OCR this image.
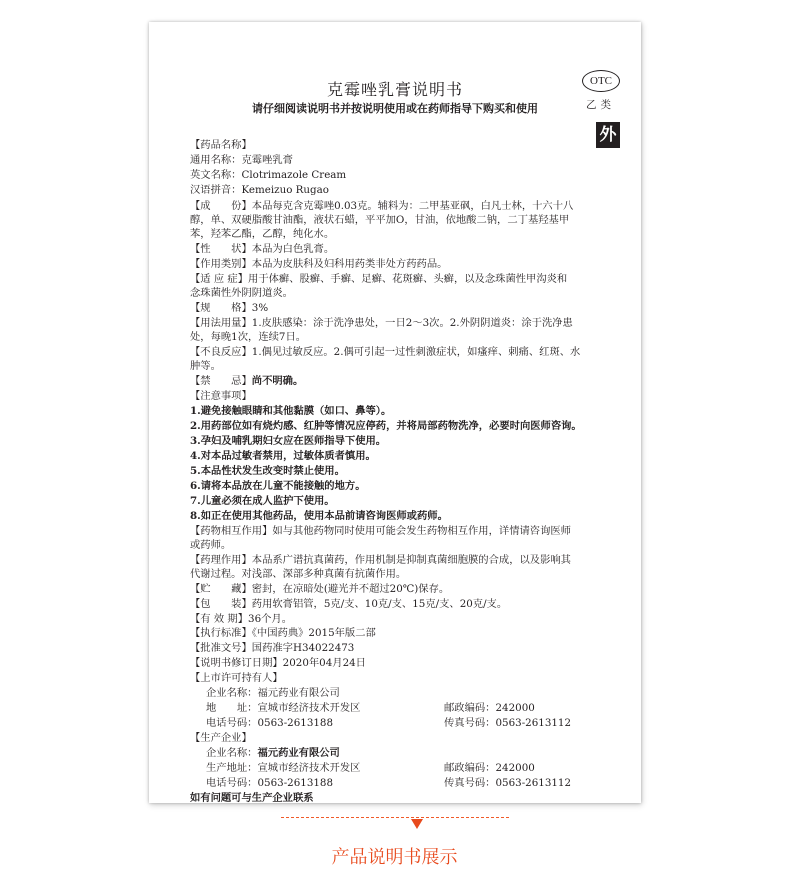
克霉唑乳膏说明书
请仔细阅读说明书并按说明使用或在药师指导下购买和使用
OTC
乙类
外
【药品名称】
通用名称：克霉唑乳膏
英文名称：Clotrimazole Cream
汉语拼音：Kemeizuo Rugao
【成　　份】本品每克含克霉唑0.03克。辅料为：二甲基亚砜，白凡士林，十六十八
醇，单、双硬脂酸甘油酯，液状石蜡，平平加O，甘油，依地酸二钠，二丁基羟基甲
苯，羟苯乙酯，乙醇，纯化水。
【性　　状】本品为白色乳膏。
【作用类别】本品为皮肤科及妇科用药类非处方药药品。
【适 应 症】用于体癣、股癣、手癣、足癣、花斑癣、头癣，以及念珠菌性甲沟炎和
念珠菌性外阴阴道炎。
【规　　格】3%
【用法用量】1.皮肤感染：涂于洗净患处，一日2～3次。2.外阴阴道炎：涂于洗净患
处，每晚1次，连续7日。
【不良反应】1.偶见过敏反应。2.偶可引起一过性刺激症状，如瘙痒、刺痛、红斑、水
肿等。
【禁　　忌】尚不明确。
【注意事项】
1.避免接触眼睛和其他黏膜（如口、鼻等）。
2.用药部位如有烧灼感、红肿等情况应停药，并将局部药物洗净，必要时向医师咨询。
3.孕妇及哺乳期妇女应在医师指导下使用。
4.对本品过敏者禁用，过敏体质者慎用。
5.本品性状发生改变时禁止使用。
6.请将本品放在儿童不能接触的地方。
7.儿童必须在成人监护下使用。
8.如正在使用其他药品，使用本品前请咨询医师或药师。
【药物相互作用】如与其他药物同时使用可能会发生药物相互作用，详情请咨询医师
或药师。
【药理作用】本品系广谱抗真菌药，作用机制是抑制真菌细胞膜的合成，以及影响其
代谢过程。对浅部、深部多种真菌有抗菌作用。
【贮　　藏】密封，在凉暗处(避光并不超过20℃)保存。
【包　　装】药用软膏铝管，5克/支、10克/支、15克/支、20克/支。
【有 效 期】36个月。
【执行标准】《中国药典》2015年版二部
【批准文号】国药准字H34022473
【说明书修订日期】2020年04月24日
【上市许可持有人】
企业名称：福元药业有限公司
地　　址：宣城市经济技术开发区	邮政编码：242000
电话号码：0563-2613188	传真号码：0563-2613112
【生产企业】
企业名称：福元药业有限公司
生产地址：宣城市经济技术开发区	邮政编码：242000
电话号码：0563-2613188	传真号码：0563-2613112
如有问题可与生产企业联系
产品说明书展示
